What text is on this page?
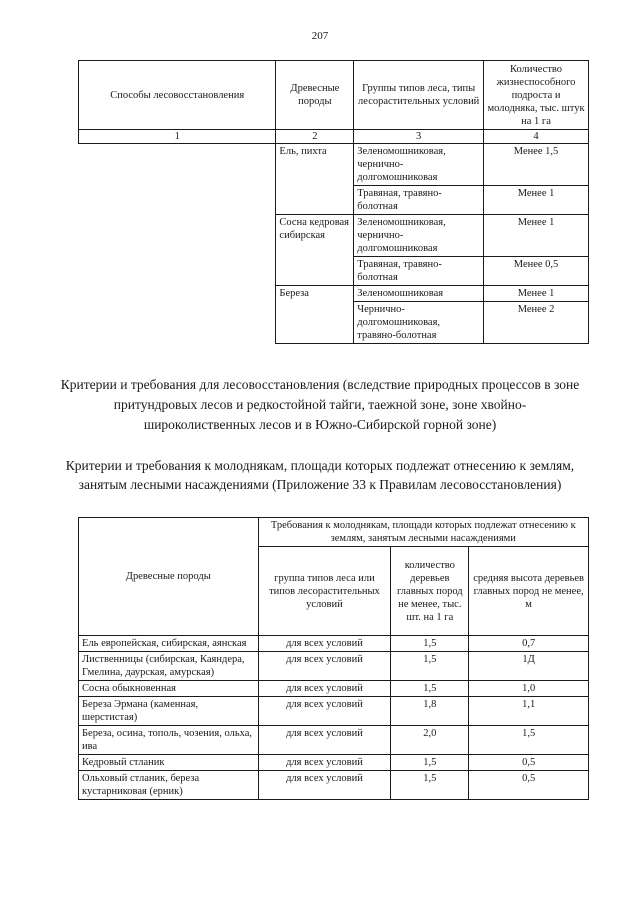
207
Способы лесовосстановления	Древесные породы	Группы типов леса, типы лесорастительных условий	Количество жизнеспособного подроста и молодняка, тыс. штук на 1 га
1	2	3	4
	Ель, пихта	Зеленомошниковая, чернично-долгомошниковая	Менее 1,5
		Травяная, травяно-болотная	Менее 1
	Сосна кедровая сибирская	Зеленомошниковая, чернично-долгомошниковая	Менее 1
		Травяная, травяно-болотная	Менее 0,5
	Береза	Зеленомошниковая	Менее 1
		Чернично-долгомошниковая, травяно-болотная	Менее 2
Критерии и требования для лесовосстановления (вследствие природных процессов в зоне притундровых лесов и редкостойной тайги, таежной зоне, зоне хвойно-широколиственных лесов и в Южно-Сибирской горной зоне)
Критерии и требования к молоднякам, площади которых подлежат отнесению к землям, занятым лесными насаждениями (Приложение 33 к Правилам лесовосстановления)
Древесные породы	Требования к молоднякам, площади которых подлежат отнесению к землям, занятым лесными насаждениями		
	группа типов леса или типов лесорастительных условий	количество деревьев главных пород не менее, тыс. шт. на 1 га	средняя высота деревьев главных пород не менее, м
Ель европейская, сибирская, аянская	для всех условий	1,5	0,7
Лиственницы (сибирская, Каяндера, Гмелина, даурская, амурская)	для всех условий	1,5	1Д
Сосна обыкновенная	для всех условий	1,5	1,0
Береза Эрмана (каменная, шерстистая)	для всех условий	1,8	1,1
Береза, осина, тополь, чозения, ольха, ива	для всех условий	2,0	1,5
Кедровый стланик	для всех условий	1,5	0,5
Ольховый стланик, береза кустарниковая (ерник)	для всех условий	1,5	0,5
